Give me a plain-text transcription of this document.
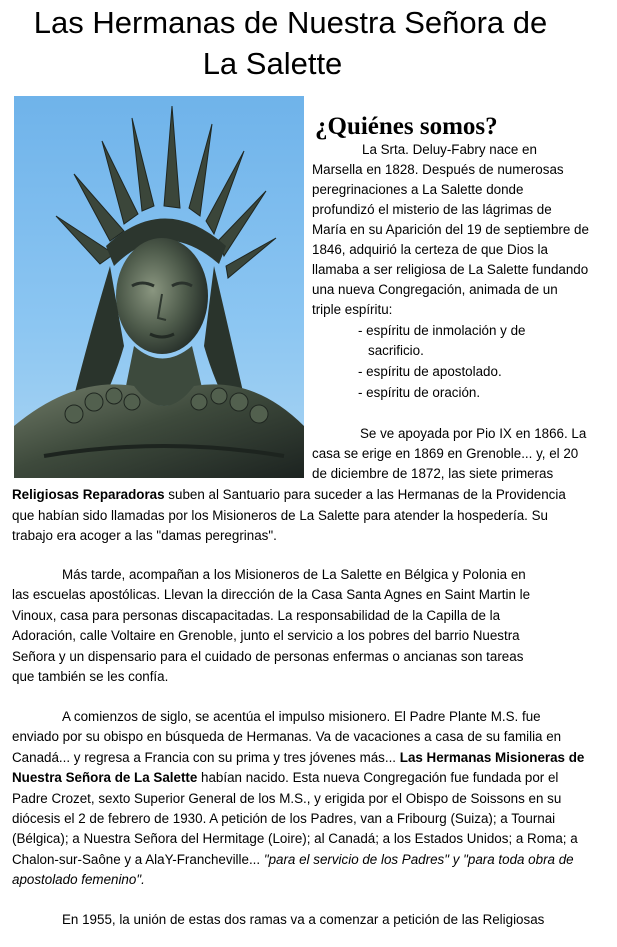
Las Hermanas de Nuestra Señora de
La Salette
¿Quiénes somos?
La Srta. Deluy-Fabry nace en
Marsella en 1828. Después de numerosas
peregrinaciones a La Salette donde
profundizó el misterio de las lágrimas de
María en su Aparición del 19 de septiembre de
1846, adquirió la certeza de que Dios la
llamaba a ser religiosa de La Salette fundando
una nueva Congregación, animada de un
triple espíritu:
- espíritu de inmolación y de
sacrificio.
- espíritu de apostolado.
- espíritu de oración.
Se ve apoyada por Pio IX en 1866. La
casa se erige en 1869 en Grenoble... y, el 20
de diciembre de 1872, las siete primeras
Religiosas Reparadoras suben al Santuario para suceder a las Hermanas de la Providencia
que habían sido llamadas por los Misioneros de La Salette para atender la hospedería. Su
trabajo era acoger a las "damas peregrinas".
Más tarde, acompañan a los Misioneros de La Salette en Bélgica y Polonia en
las escuelas apostólicas. Llevan la dirección de la Casa Santa Agnes en Saint Martin le
Vinoux, casa para personas discapacitadas. La responsabilidad de la Capilla de la
Adoración, calle Voltaire en Grenoble, junto el servicio a los pobres del barrio Nuestra
Señora y un dispensario para el cuidado de personas enfermas o ancianas son tareas
que también se les confía.
A comienzos de siglo, se acentúa el impulso misionero. El Padre Plante M.S. fue
enviado por su obispo en búsqueda de Hermanas. Va de vacaciones a casa de su familia en
Canadá... y regresa a Francia con su prima y tres jóvenes más... Las Hermanas Misioneras de
Nuestra Señora de La Salette habían nacido. Esta nueva Congregación fue fundada por el
Padre Crozet, sexto Superior General de los M.S., y erigida por el Obispo de Soissons en su
diócesis el 2 de febrero de 1930. A petición de los Padres, van a Fribourg (Suiza); a Tournai
(Bélgica); a Nuestra Señora del Hermitage (Loire); al Canadá; a los Estados Unidos; a Roma; a
Chalon-sur-Saône y a AlaY-Francheville... "para el servicio de los Padres" y "para toda obra de
apostolado femenino".
En 1955, la unión de estas dos ramas va a comenzar a petición de las Religiosas
